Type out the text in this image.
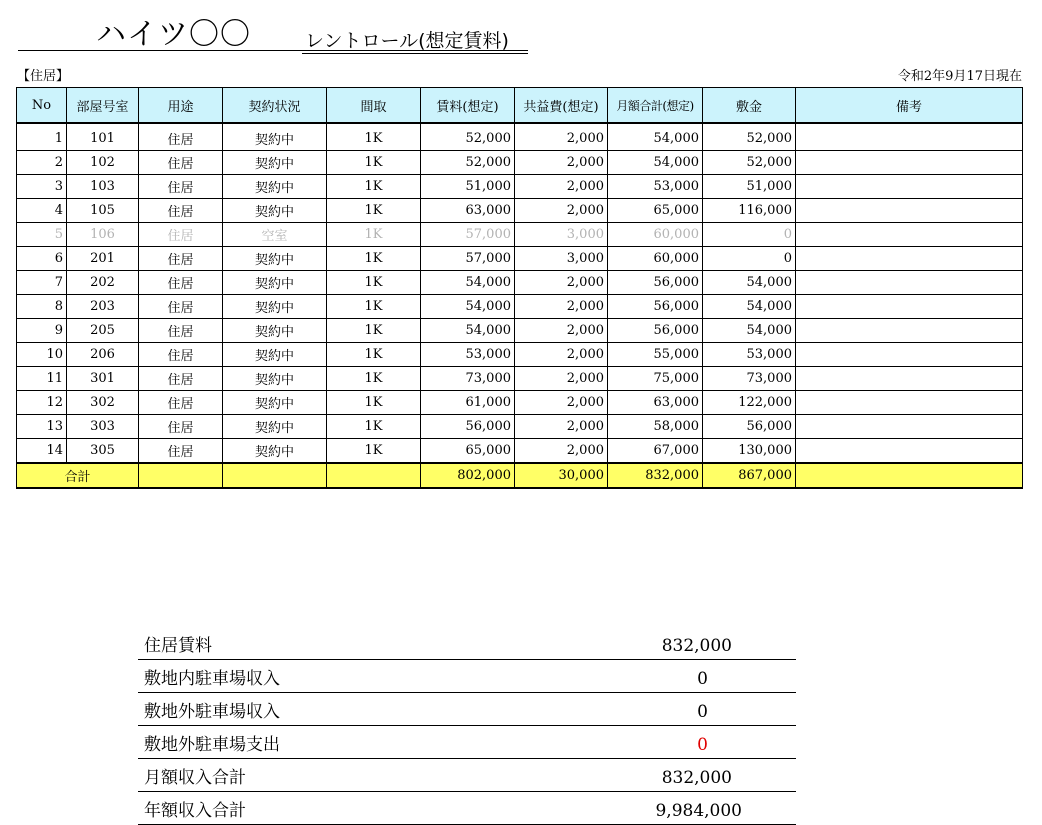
ハイツ〇〇	レントロール(想定賃料)
【住居】	令和2年9月17日現在
No	部屋号室	用途	契約状況	間取	賃料(想定)	共益費(想定)	月額合計(想定)	敷金	備考
1	101	住居	契約中	1K	52,000	2,000	54,000	52,000	
2	102	住居	契約中	1K	52,000	2,000	54,000	52,000	
3	103	住居	契約中	1K	51,000	2,000	53,000	51,000	
4	105	住居	契約中	1K	63,000	2,000	65,000	116,000	
5	106	住居	空室	1K	57,000	3,000	60,000	0	
6	201	住居	契約中	1K	57,000	3,000	60,000	0	
7	202	住居	契約中	1K	54,000	2,000	56,000	54,000	
8	203	住居	契約中	1K	54,000	2,000	56,000	54,000	
9	205	住居	契約中	1K	54,000	2,000	56,000	54,000	
10	206	住居	契約中	1K	53,000	2,000	55,000	53,000	
11	301	住居	契約中	1K	73,000	2,000	75,000	73,000	
12	302	住居	契約中	1K	61,000	2,000	63,000	122,000	
13	303	住居	契約中	1K	56,000	2,000	58,000	56,000	
14	305	住居	契約中	1K	65,000	2,000	67,000	130,000	
合計					802,000	30,000	832,000	867,000	
住居賃料	832,000
敷地内駐車場収入	0
敷地外駐車場収入	0
敷地外駐車場支出	0
月額収入合計	832,000
年額収入合計	9,984,000
